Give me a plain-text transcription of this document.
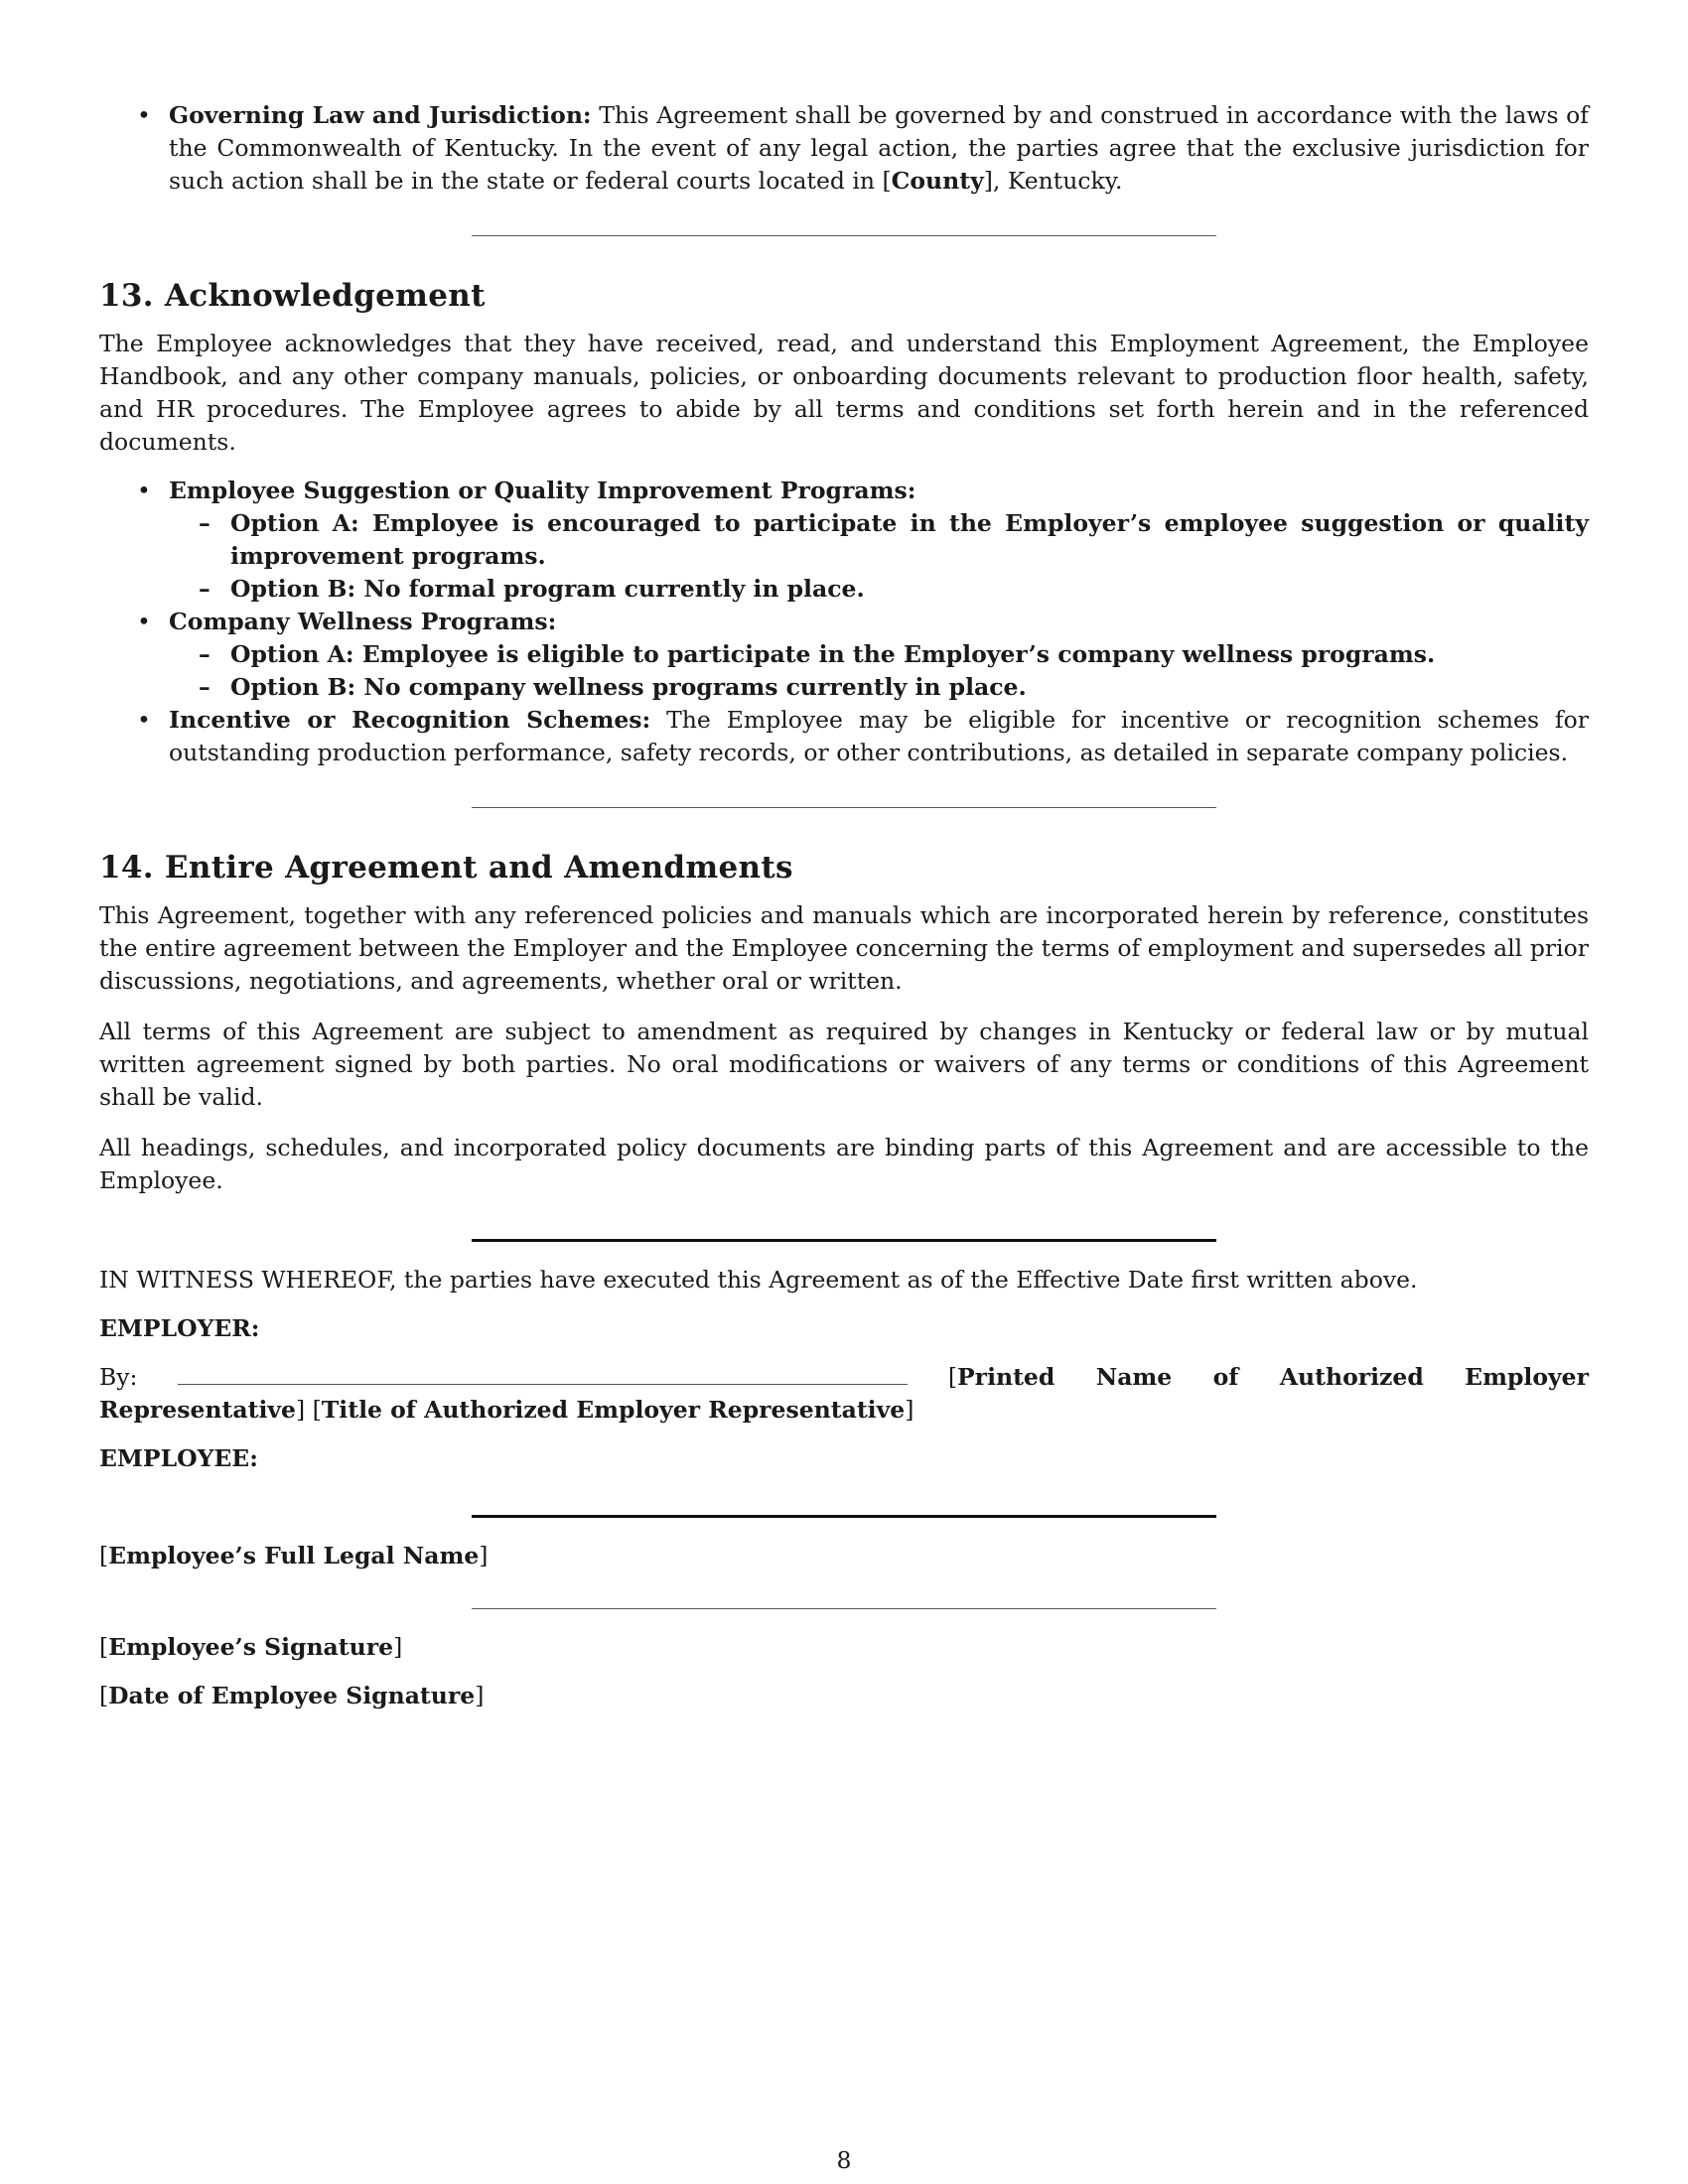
• Governing Law and Jurisdiction: This Agreement shall be governed by and construed in accordance with the laws of the Commonwealth of Kentucky. In the event of any legal action, the parties agree that the exclusive jurisdiction for such action shall be in the state or federal courts located in [County], Kentucky.
13. Acknowledgement

The Employee acknowledges that they have received, read, and understand this Employment Agreement, the Employee Handbook, and any other company manuals, policies, or onboarding documents relevant to production floor health, safety, and HR procedures. The Employee agrees to abide by all terms and conditions set forth herein and in the referenced documents.

• Employee Suggestion or Quality Improvement Programs:
– Option A: Employee is encouraged to participate in the Employer’s employee suggestion or quality improvement programs.
– Option B: No formal program currently in place.
• Company Wellness Programs:
– Option A: Employee is eligible to participate in the Employer’s company wellness programs.
– Option B: No company wellness programs currently in place.
• Incentive or Recognition Schemes: The Employee may be eligible for incentive or recognition schemes for outstanding production performance, safety records, or other contributions, as detailed in separate company policies.
14. Entire Agreement and Amendments

This Agreement, together with any referenced policies and manuals which are incorporated herein by reference, constitutes the entire agreement between the Employer and the Employee concerning the terms of employment and supersedes all prior discussions, negotiations, and agreements, whether oral or written.

All terms of this Agreement are subject to amendment as required by changes in Kentucky or federal law or by mutual written agreement signed by both parties. No oral modifications or waivers of any terms or conditions of this Agreement shall be valid.

All headings, schedules, and incorporated policy documents are binding parts of this Agreement and are accessible to the Employee.

IN WITNESS WHEREOF, the parties have executed this Agreement as of the Effective Date first written above.

EMPLOYER:

By:	[Printed Name of Authorized Employer Representative] [Title of Authorized Employer Representative]

EMPLOYEE:

[Employee’s Full Legal Name]

[Employee’s Signature]

[Date of Employee Signature]

8
